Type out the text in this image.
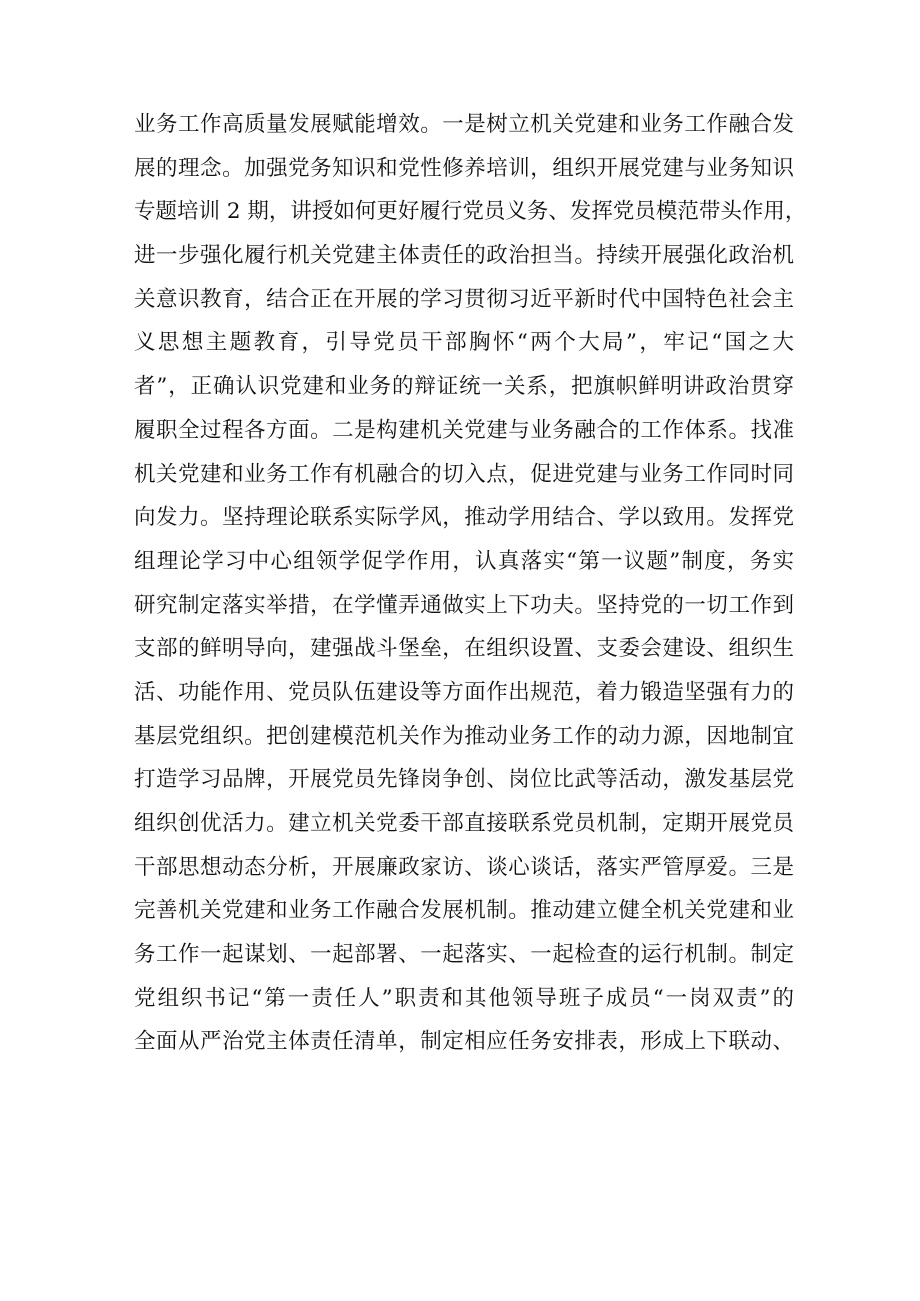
业务工作高质量发展赋能增效。一是树立机关党建和业务工作融合发
展的理念。加强党务知识和党性修养培训，组织开展党建与业务知识
专题培训 2 期，讲授如何更好履行党员义务、发挥党员模范带头作用，
进一步强化履行机关党建主体责任的政治担当。持续开展强化政治机
关意识教育，结合正在开展的学习贯彻习近平新时代中国特色社会主
义思想主题教育，引导党员干部胸怀“两个大局”，牢记“国之大
者”，正确认识党建和业务的辩证统一关系，把旗帜鲜明讲政治贯穿
履职全过程各方面。二是构建机关党建与业务融合的工作体系。找准
机关党建和业务工作有机融合的切入点，促进党建与业务工作同时同
向发力。坚持理论联系实际学风，推动学用结合、学以致用。发挥党
组理论学习中心组领学促学作用，认真落实“第一议题”制度，务实
研究制定落实举措，在学懂弄通做实上下功夫。坚持党的一切工作到
支部的鲜明导向，建强战斗堡垒，在组织设置、支委会建设、组织生
活、功能作用、党员队伍建设等方面作出规范，着力锻造坚强有力的
基层党组织。把创建模范机关作为推动业务工作的动力源，因地制宜
打造学习品牌，开展党员先锋岗争创、岗位比武等活动，激发基层党
组织创优活力。建立机关党委干部直接联系党员机制，定期开展党员
干部思想动态分析，开展廉政家访、谈心谈话，落实严管厚爱。三是
完善机关党建和业务工作融合发展机制。推动建立健全机关党建和业
务工作一起谋划、一起部署、一起落实、一起检查的运行机制。制定
党组织书记“第一责任人”职责和其他领导班子成员“一岗双责”的
全面从严治党主体责任清单，制定相应任务安排表，形成上下联动、
